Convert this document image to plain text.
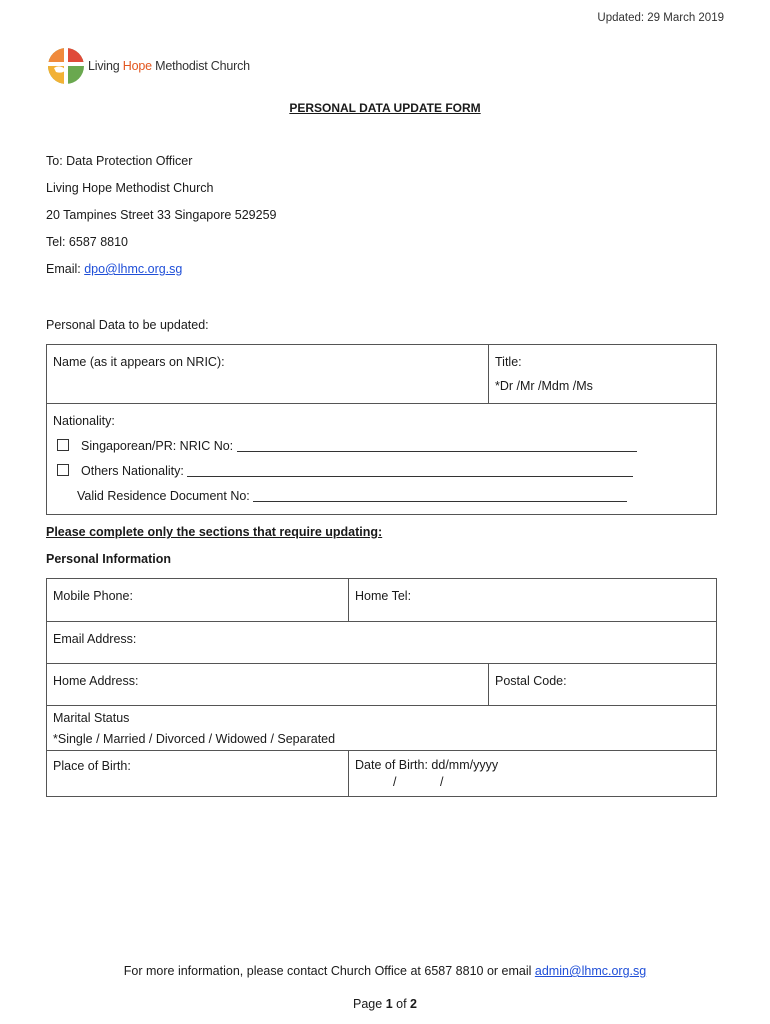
Updated: 29 March 2019
Living Hope Methodist Church
PERSONAL DATA UPDATE FORM
To: Data Protection Officer
Living Hope Methodist Church
20 Tampines Street 33 Singapore 529259
Tel: 6587 8810
Email: dpo@lhmc.org.sg
Personal Data to be updated:
Name (as it appears on NRIC):	Title:
*Dr /Mr /Mdm /Ms

Nationality:
Singaporean/PR: NRIC No:
Others Nationality:
Valid Residence Document No:
Please complete only the sections that require updating:
Personal Information
Mobile Phone:	Home Tel:	
Email Address:		
Home Address:		Postal Code:

Marital Status
*Single / Married / Divorced / Widowed / Separated		

Place of Birth:	Date of Birth: dd/mm/yyyy
/ /	
For more information, please contact Church Office at 6587 8810 or email admin@lhmc.org.sg
Page 1 of 2
